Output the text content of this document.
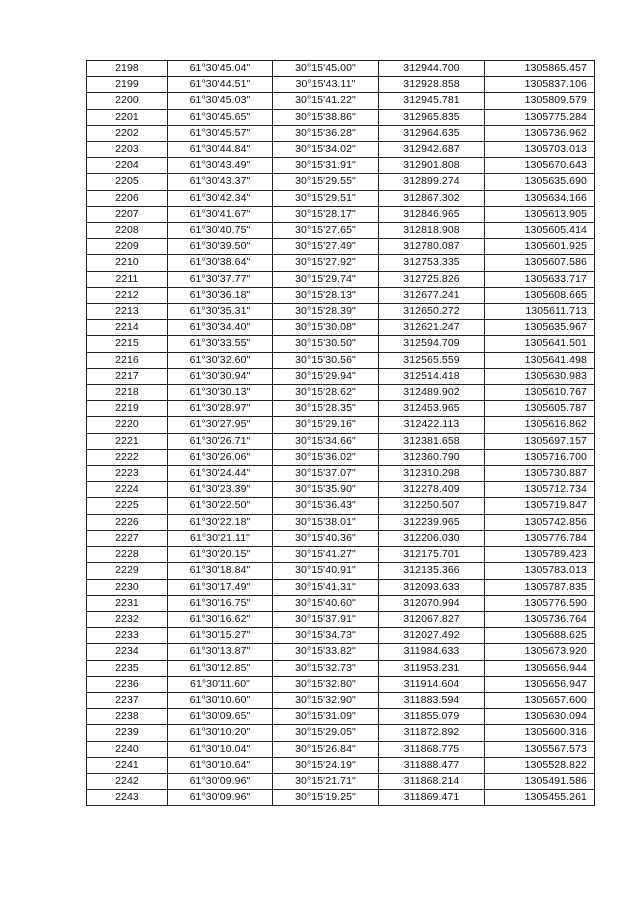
2198	61°30'45.04"	30°15'45.00"	312944.700	1305865.457
2199	61°30'44.51"	30°15'43.11"	312928.858	1305837.106
2200	61°30'45.03"	30°15'41.22"	312945.781	1305809.579
2201	61°30'45.65"	30°15'38.86"	312965.835	1305775.284
2202	61°30'45.57"	30°15'36.28"	312964.635	1305736.962
2203	61°30'44.84"	30°15'34.02"	312942.687	1305703.013
2204	61°30'43.49"	30°15'31.91"	312901.808	1305670.643
2205	61°30'43.37"	30°15'29.55"	312899.274	1305635.690
2206	61°30'42.34"	30°15'29.51"	312867.302	1305634.166
2207	61°30'41.67"	30°15'28.17"	312846.965	1305613.905
2208	61°30'40.75"	30°15'27.65"	312818.908	1305605.414
2209	61°30'39.50"	30°15'27.49"	312780.087	1305601.925
2210	61°30'38.64"	30°15'27.92"	312753.335	1305607.586
2211	61°30'37.77"	30°15'29.74"	312725.826	1305633.717
2212	61°30'36.18"	30°15'28.13"	312677.241	1305608.665
2213	61°30'35.31"	30°15'28.39"	312650.272	1305611.713
2214	61°30'34.40"	30°15'30.08"	312621.247	1305635.967
2215	61°30'33.55"	30°15'30.50"	312594.709	1305641.501
2216	61°30'32.60"	30°15'30.56"	312565.559	1305641.498
2217	61°30'30.94"	30°15'29.94"	312514.418	1305630.983
2218	61°30'30.13"	30°15'28.62"	312489.902	1305610.767
2219	61°30'28.97"	30°15'28.35"	312453.965	1305605.787
2220	61°30'27.95"	30°15'29.16"	312422.113	1305616.862
2221	61°30'26.71"	30°15'34.66"	312381.658	1305697.157
2222	61°30'26.06"	30°15'36.02"	312360.790	1305716.700
2223	61°30'24.44"	30°15'37.07"	312310.298	1305730.887
2224	61°30'23.39"	30°15'35.90"	312278.409	1305712.734
2225	61°30'22.50"	30°15'36.43"	312250.507	1305719.847
2226	61°30'22.18"	30°15'38.01"	312239.965	1305742.856
2227	61°30'21.11"	30°15'40.36"	312206.030	1305776.784
2228	61°30'20.15"	30°15'41.27"	312175.701	1305789.423
2229	61°30'18.84"	30°15'40.91"	312135.366	1305783.013
2230	61°30'17.49"	30°15'41.31"	312093.633	1305787.835
2231	61°30'16.75"	30°15'40.60"	312070.994	1305776.590
2232	61°30'16.62"	30°15'37.91"	312067.827	1305736.764
2233	61°30'15.27"	30°15'34.73"	312027.492	1305688.625
2234	61°30'13.87"	30°15'33.82"	311984.633	1305673.920
2235	61°30'12.85"	30°15'32.73"	311953.231	1305656.944
2236	61°30'11.60"	30°15'32.80"	311914.604	1305656.947
2237	61°30'10.60"	30°15'32.90"	311883.594	1305657.600
2238	61°30'09.65"	30°15'31.09"	311855.079	1305630.094
2239	61°30'10.20"	30°15'29.05"	311872.892	1305600.316
2240	61°30'10.04"	30°15'26.84"	311868.775	1305567.573
2241	61°30'10.64"	30°15'24.19"	311888.477	1305528.822
2242	61°30'09.96"	30°15'21.71"	311868.214	1305491.586
2243	61°30'09.96"	30°15'19.25"	311869.471	1305455.261
